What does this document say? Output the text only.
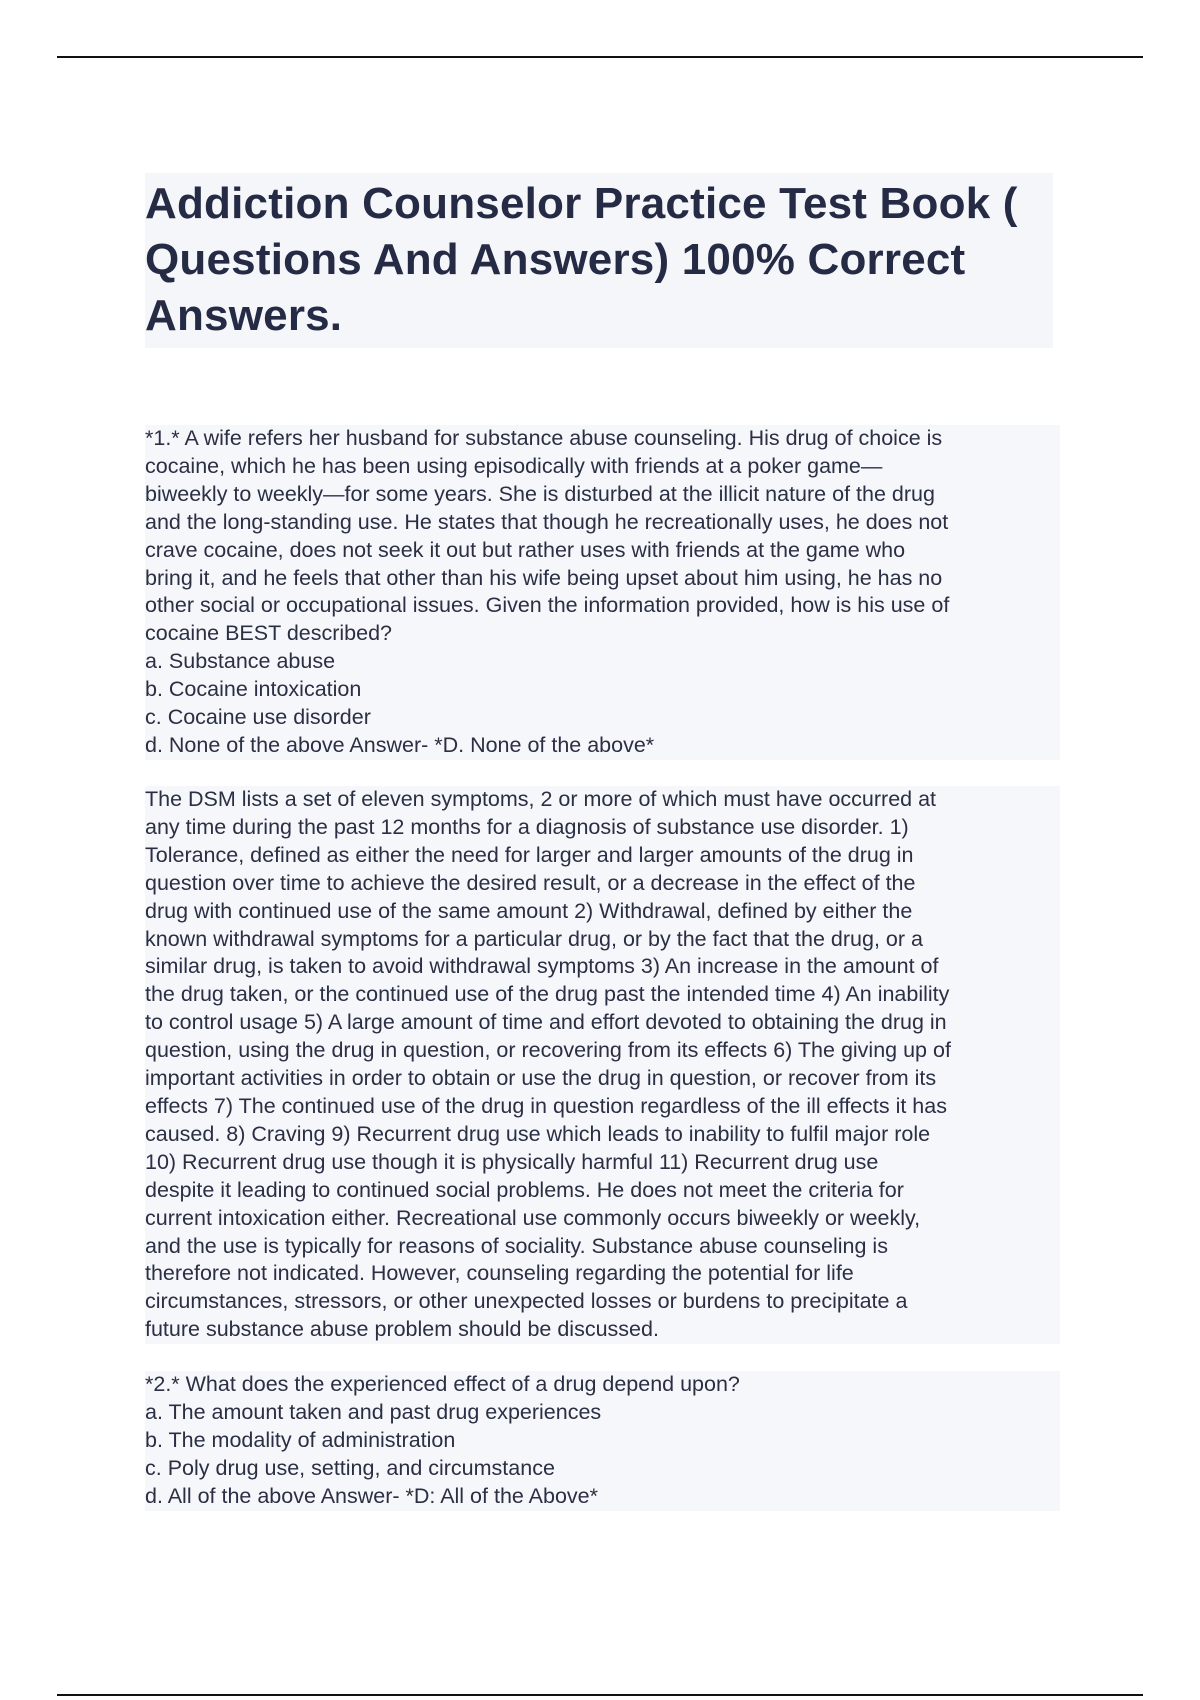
Addiction Counselor Practice Test Book ( Questions And Answers) 100% Correct Answers.
*1.* A wife refers her husband for substance abuse counseling. His drug of choice is
cocaine, which he has been using episodically with friends at a poker game—
biweekly to weekly—for some years. She is disturbed at the illicit nature of the drug
and the long-standing use. He states that though he recreationally uses, he does not
crave cocaine, does not seek it out but rather uses with friends at the game who
bring it, and he feels that other than his wife being upset about him using, he has no
other social or occupational issues. Given the information provided, how is his use of
cocaine BEST described?
a. Substance abuse
b. Cocaine intoxication
c. Cocaine use disorder
d. None of the above Answer- *D. None of the above*
The DSM lists a set of eleven symptoms, 2 or more of which must have occurred at
any time during the past 12 months for a diagnosis of substance use disorder. 1)
Tolerance, defined as either the need for larger and larger amounts of the drug in
question over time to achieve the desired result, or a decrease in the effect of the
drug with continued use of the same amount 2) Withdrawal, defined by either the
known withdrawal symptoms for a particular drug, or by the fact that the drug, or a
similar drug, is taken to avoid withdrawal symptoms 3) An increase in the amount of
the drug taken, or the continued use of the drug past the intended time 4) An inability
to control usage 5) A large amount of time and effort devoted to obtaining the drug in
question, using the drug in question, or recovering from its effects 6) The giving up of
important activities in order to obtain or use the drug in question, or recover from its
effects 7) The continued use of the drug in question regardless of the ill effects it has
caused. 8) Craving 9) Recurrent drug use which leads to inability to fulfil major role
10) Recurrent drug use though it is physically harmful 11) Recurrent drug use
despite it leading to continued social problems. He does not meet the criteria for
current intoxication either. Recreational use commonly occurs biweekly or weekly,
and the use is typically for reasons of sociality. Substance abuse counseling is
therefore not indicated. However, counseling regarding the potential for life
circumstances, stressors, or other unexpected losses or burdens to precipitate a
future substance abuse problem should be discussed.
*2.* What does the experienced effect of a drug depend upon?
a. The amount taken and past drug experiences
b. The modality of administration
c. Poly drug use, setting, and circumstance
d. All of the above Answer- *D: All of the Above*
